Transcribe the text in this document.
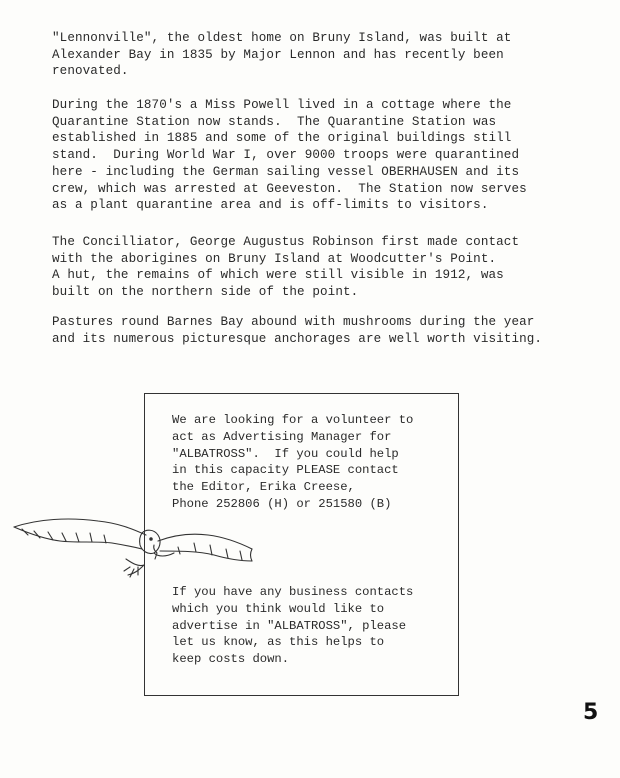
"Lennonville", the oldest home on Bruny Island, was built at
Alexander Bay in 1835 by Major Lennon and has recently been
renovated.

During the 1870's a Miss Powell lived in a cottage where the
Quarantine Station now stands.  The Quarantine Station was
established in 1885 and some of the original buildings still
stand.  During World War I, over 9000 troops were quarantined
here - including the German sailing vessel OBERHAUSEN and its
crew, which was arrested at Geeveston.  The Station now serves
as a plant quarantine area and is off-limits to visitors.

The Concilliator, George Augustus Robinson first made contact
with the aborigines on Bruny Island at Woodcutter's Point.
A hut, the remains of which were still visible in 1912, was
built on the northern side of the point.

Pastures round Barnes Bay abound with mushrooms during the year
and its numerous picturesque anchorages are well worth visiting.

We are looking for a volunteer to
act as Advertising Manager for
"ALBATROSS".  If you could help
in this capacity PLEASE contact
the Editor, Erika Creese,
Phone 252806 (H) or 251580 (B)

If you have any business contacts
which you think would like to
advertise in "ALBATROSS", please
let us know, as this helps to
keep costs down.

5
